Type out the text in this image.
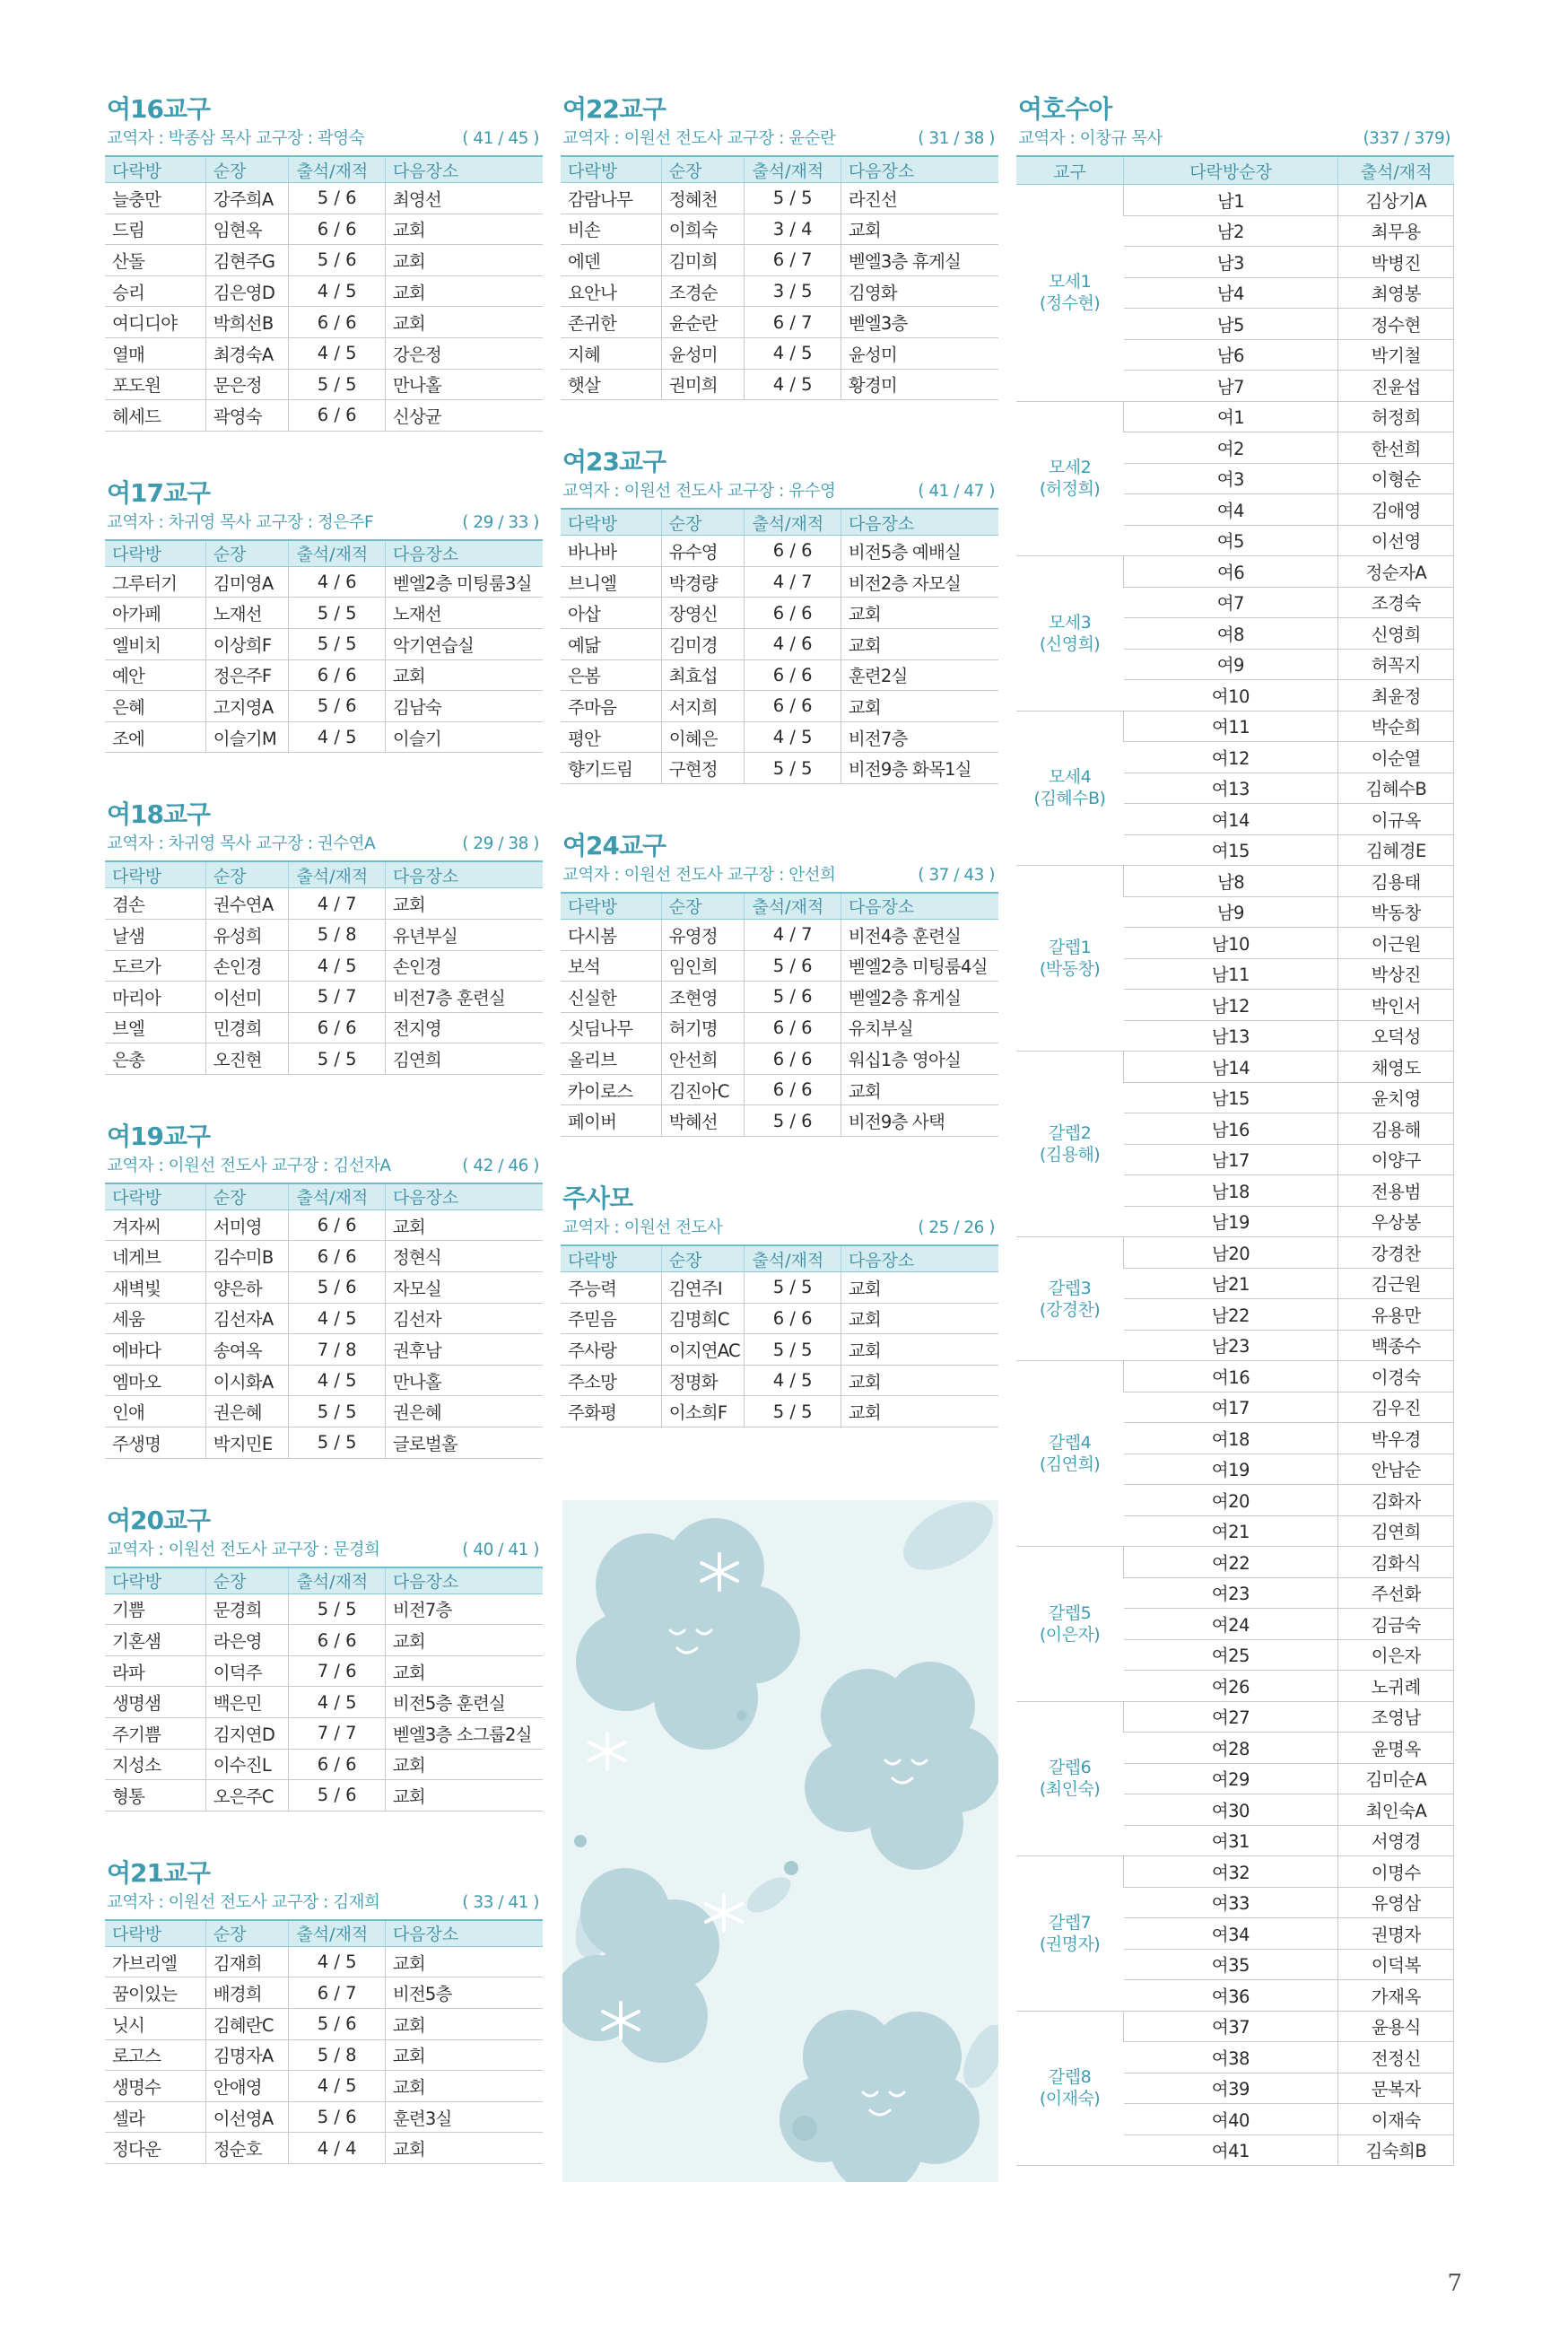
여16교구
교역자 : 박종삼 목사 교구장 : 곽영숙	( 41 / 45 )
다락방	순장	출석/재적	다음장소
늘충만	강주희A	5 / 6	최영선
드림	임현옥	6 / 6	교회
산돌	김현주G	5 / 6	교회
승리	김은영D	4 / 5	교회
여디디야	박희선B	6 / 6	교회
열매	최경숙A	4 / 5	강은정
포도원	문은정	5 / 5	만나홀
헤세드	곽영숙	6 / 6	신상균
여17교구
교역자 : 차귀영 목사 교구장 : 정은주F	( 29 / 33 )
다락방	순장	출석/재적	다음장소
그루터기	김미영A	4 / 6	벧엘2층 미팅룸3실
아가페	노재선	5 / 5	노재선
엘비치	이상희F	5 / 5	악기연습실
예안	정은주F	6 / 6	교회
은혜	고지영A	5 / 6	김남숙
조에	이슬기M	4 / 5	이슬기
여18교구
교역자 : 차귀영 목사 교구장 : 권수연A	( 29 / 38 )
다락방	순장	출석/재적	다음장소
겸손	권수연A	4 / 7	교회
날샘	유성희	5 / 8	유년부실
도르가	손인경	4 / 5	손인경
마리아	이선미	5 / 7	비전7층 훈련실
브엘	민경희	6 / 6	전지영
은총	오진현	5 / 5	김연희
여19교구
교역자 : 이원선 전도사 교구장 : 김선자A	( 42 / 46 )
다락방	순장	출석/재적	다음장소
겨자씨	서미영	6 / 6	교회
네게브	김수미B	6 / 6	정현식
새벽빛	양은하	5 / 6	자모실
세움	김선자A	4 / 5	김선자
에바다	송여옥	7 / 8	권후남
엠마오	이시화A	4 / 5	만나홀
인애	권은혜	5 / 5	권은혜
주생명	박지민E	5 / 5	글로벌홀
여20교구
교역자 : 이원선 전도사 교구장 : 문경희	( 40 / 41 )
다락방	순장	출석/재적	다음장소
기쁨	문경희	5 / 5	비전7층
기혼샘	라은영	6 / 6	교회
라파	이덕주	7 / 6	교회
생명샘	백은민	4 / 5	비전5층 훈련실
주기쁨	김지연D	7 / 7	벧엘3층 소그룹2실
지성소	이수진L	6 / 6	교회
형통	오은주C	5 / 6	교회
여21교구
교역자 : 이원선 전도사 교구장 : 김재희	( 33 / 41 )
다락방	순장	출석/재적	다음장소
가브리엘	김재희	4 / 5	교회
꿈이있는	배경희	6 / 7	비전5층
닛시	김혜란C	5 / 6	교회
로고스	김명자A	5 / 8	교회
생명수	안애영	4 / 5	교회
셀라	이선영A	5 / 6	훈련3실
정다운	정순호	4 / 4	교회
여22교구
교역자 : 이원선 전도사 교구장 : 윤순란	( 31 / 38 )
다락방	순장	출석/재적	다음장소
감람나무	정혜천	5 / 5	라진선
비손	이희숙	3 / 4	교회
에덴	김미희	6 / 7	벧엘3층 휴게실
요안나	조경순	3 / 5	김영화
존귀한	윤순란	6 / 7	벧엘3층
지혜	윤성미	4 / 5	윤성미
햇살	권미희	4 / 5	황경미
여23교구
교역자 : 이원선 전도사 교구장 : 유수영	( 41 / 47 )
다락방	순장	출석/재적	다음장소
바나바	유수영	6 / 6	비전5층 예배실
브니엘	박경량	4 / 7	비전2층 자모실
아삽	장영신	6 / 6	교회
예닮	김미경	4 / 6	교회
은봄	최효섭	6 / 6	훈련2실
주마음	서지희	6 / 6	교회
평안	이혜은	4 / 5	비전7층
향기드림	구현정	5 / 5	비전9층 화목1실
여24교구
교역자 : 이원선 전도사 교구장 : 안선희	( 37 / 43 )
다락방	순장	출석/재적	다음장소
다시봄	유영정	4 / 7	비전4층 훈련실
보석	임인희	5 / 6	벧엘2층 미팅룸4실
신실한	조현영	5 / 6	벧엘2층 휴게실
싯딤나무	허기명	6 / 6	유치부실
올리브	안선희	6 / 6	워십1층 영아실
카이로스	김진아C	6 / 6	교회
페이버	박혜선	5 / 6	비전9층 사택
주사모
교역자 : 이원선 전도사	( 25 / 26 )
다락방	순장	출석/재적	다음장소
주능력	김연주I	5 / 5	교회
주믿음	김명희C	6 / 6	교회
주사랑	이지연AC	5 / 5	교회
주소망	정명화	4 / 5	교회
주화평	이소희F	5 / 5	교회
여호수아
교역자 : 이창규 목사	(337 / 379)
교구	다락방순장	출석/재적	

모세1
(정수현)	남1	김상기A	
	남2	최무용	
	남3	박병진	
	남4	최영봉	
	남5	정수현	
	남6	박기철	
	남7	진윤섭	

모세2
(허정희)	여1	허정희	
	여2	한선희	
	여3	이형순	
	여4	김애영	
	여5	이선영	

모세3
(신영희)	여6	정순자A	
	여7	조경숙	
	여8	신영희	
	여9	허꼭지	
	여10	최윤정	

모세4
(김혜수B)	여11	박순희	
	여12	이순열	
	여13	김혜수B	
	여14	이규옥	
	여15	김혜경E	

갈렙1
(박동창)	남8	김용태	
	남9	박동창	
	남10	이근원	
	남11	박상진	
	남12	박인서	
	남13	오덕성	

갈렙2
(김용해)	남14	채영도	
	남15	윤치영	
	남16	김용해	
	남17	이양구	
	남18	전용범	
	남19	우상봉	

갈렙3
(강경찬)	남20	강경찬	
	남21	김근원	
	남22	유용만	
	남23	백종수	

갈렙4
(김연희)	여16	이경숙	
	여17	김우진	
	여18	박우경	
	여19	안남순	
	여20	김화자	
	여21	김연희	

갈렙5
(이은자)	여22	김화식	
	여23	주선화	
	여24	김금숙	
	여25	이은자	
	여26	노귀례	

갈렙6
(최인숙)	여27	조영남	
	여28	윤명옥	
	여29	김미순A	
	여30	최인숙A	
	여31	서영경	

갈렙7
(권명자)	여32	이명수	
	여33	유영삼	
	여34	권명자	
	여35	이덕복	
	여36	가재옥	

갈렙8
(이재숙)	여37	윤용식	
	여38	전정신	
	여39	문복자	
	여40	이재숙	
	여41	김숙희B	
7
